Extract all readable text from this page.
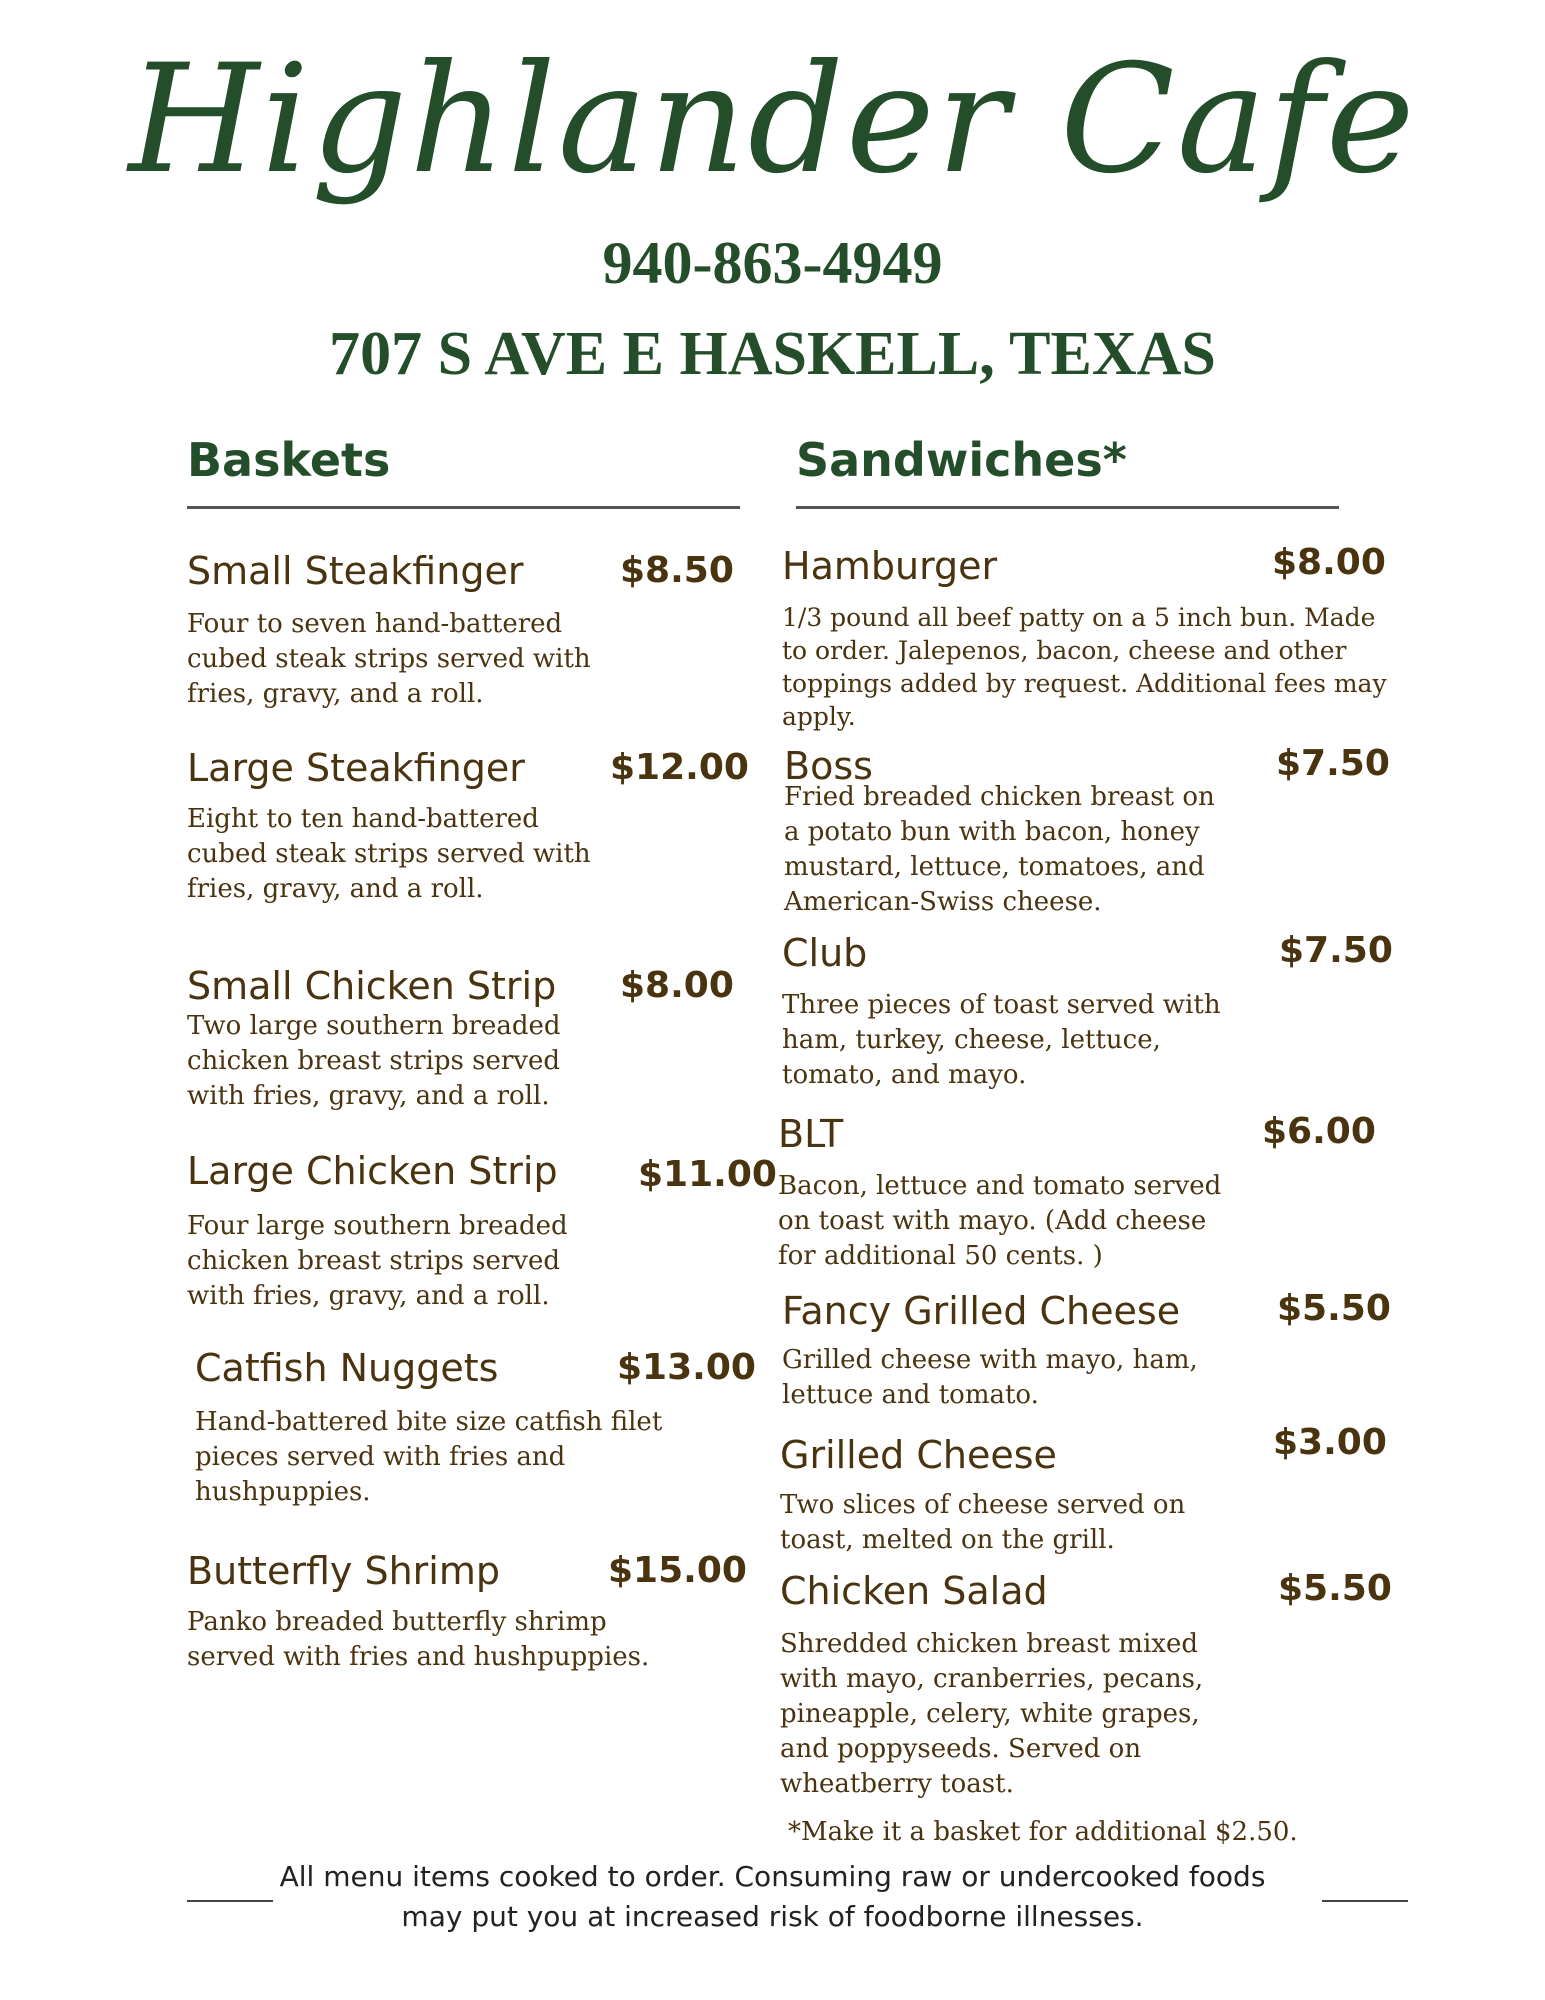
Highlander Cafe
940-863-4949
707 S AVE E HASKELL, TEXAS
Baskets
Small Steakfinger	$8.50
Four to seven hand-battered cubed steak strips served with fries, gravy, and a roll.
Large Steakfinger $12.00
Eight to ten hand-battered cubed steak strips served with fries, gravy, and a roll.
Small Chicken Strip $8.00
Two large southern breaded chicken breast strips served with fries, gravy, and a roll.
Large Chicken Strip $11.00
Four large southern breaded chicken breast strips served with fries, gravy, and a roll.
Catfish Nuggets	$13.00
Hand-battered bite size catfish filet pieces served with fries and hushpuppies.
Butterfly Shrimp	$15.00
Panko breaded butterfly shrimp served with fries and hushpuppies.
Sandwiches*
Hamburger	$8.00
1/3 pound all beef patty on a 5 inch bun. Made to order. Jalepenos, bacon, cheese and other toppings added by request. Additional fees may apply.
Boss	$7.50
Fried breaded chicken breast on a potato bun with bacon, honey mustard, lettuce, tomatoes, and American-Swiss cheese.
Club	$7.50
Three pieces of toast served with ham, turkey, cheese, lettuce, tomato, and mayo.
BLT	$6.00
Bacon, lettuce and tomato served on toast with mayo. (Add cheese for additional 50 cents. )
Fancy Grilled Cheese	$5.50
Grilled cheese with mayo, ham, lettuce and tomato.
Grilled Cheese	$3.00
Two slices of cheese served on toast, melted on the grill.
Chicken Salad	$5.50
Shredded chicken breast mixed with mayo, cranberries, pecans, pineapple, celery, white grapes, and poppyseeds. Served on wheatberry toast.
*Make it a basket for additional $2.50.
All menu items cooked to order. Consuming raw or undercooked foods may put you at increased risk of foodborne illnesses.
